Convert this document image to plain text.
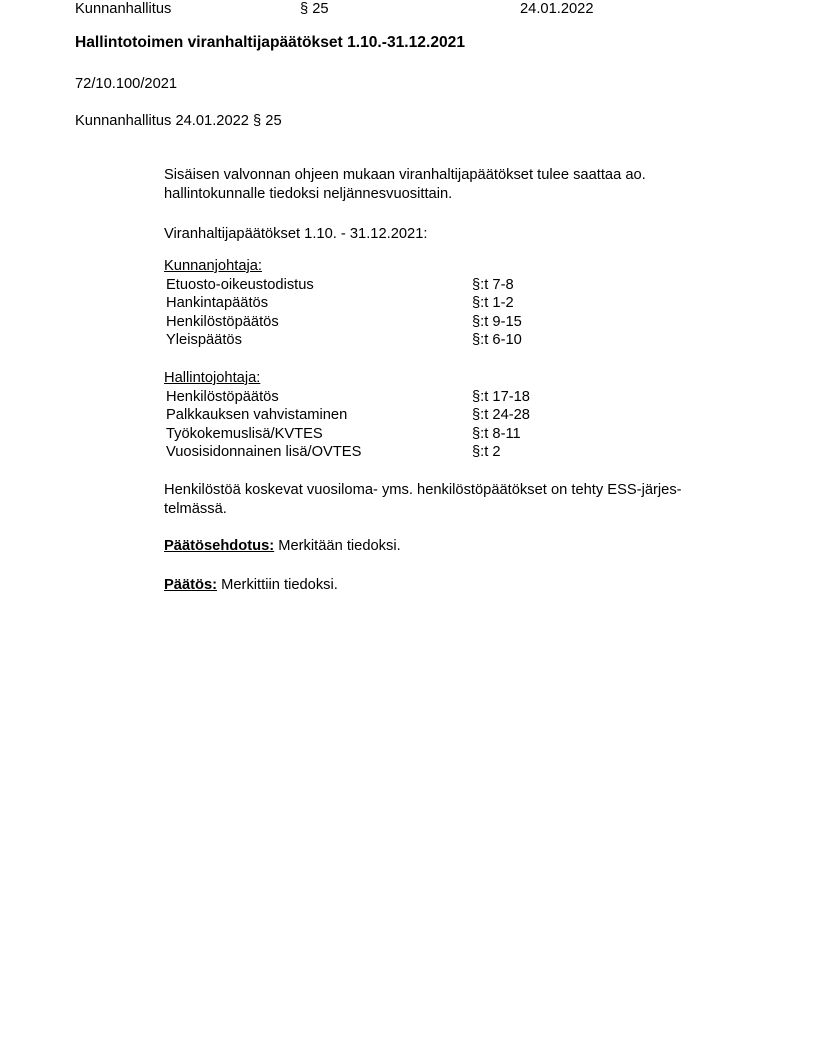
Kunnanhallitus	§ 25	24.01.2022
Hallintotoimen viranhaltijapäätökset 1.10.-31.12.2021
72/10.100/2021
Kunnanhallitus 24.01.2022 § 25
Sisäisen valvonnan ohjeen mukaan viranhaltijapäätökset tulee saattaa ao.
hallintokunnalle tiedoksi neljännesvuosittain.
Viranhaltijapäätökset 1.10. - 31.12.2021:
Kunnanjohtaja:
Etuosto-oikeustodistus	§:t 7-8
Hankintapäätös	§:t 1-2
Henkilöstöpäätös	§:t 9-15
Yleispäätös	§:t 6-10
Hallintojohtaja:
Henkilöstöpäätös	§:t 17-18
Palkkauksen vahvistaminen	§:t 24-28
Työkokemuslisä/KVTES	§:t 8-11
Vuosisidonnainen lisä/OVTES	§:t 2
Henkilöstöä koskevat vuosiloma- yms. henkilöstöpäätökset on tehty ESS-järjes-
telmässä.
Päätösehdotus: Merkitään tiedoksi.
Päätös: Merkittiin tiedoksi.
